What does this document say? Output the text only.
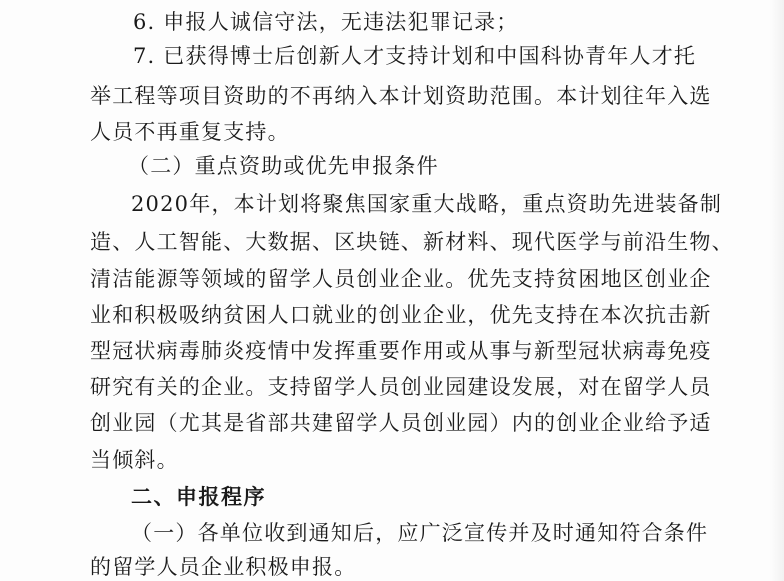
6. 申报人诚信守法，无违法犯罪记录；
7. 已获得博士后创新人才支持计划和中国科协青年人才托
举工程等项目资助的不再纳入本计划资助范围。本计划往年入选
人员不再重复支持。
（二）重点资助或优先申报条件
2020年，本计划将聚焦国家重大战略，重点资助先进装备制
造、人工智能、大数据、区块链、新材料、现代医学与前沿生物、
清洁能源等领域的留学人员创业企业。优先支持贫困地区创业企
业和积极吸纳贫困人口就业的创业企业，优先支持在本次抗击新
型冠状病毒肺炎疫情中发挥重要作用或从事与新型冠状病毒免疫
研究有关的企业。支持留学人员创业园建设发展，对在留学人员
创业园（尤其是省部共建留学人员创业园）内的创业企业给予适
当倾斜。
二、申报程序
（一）各单位收到通知后，应广泛宣传并及时通知符合条件
的留学人员企业积极申报。
